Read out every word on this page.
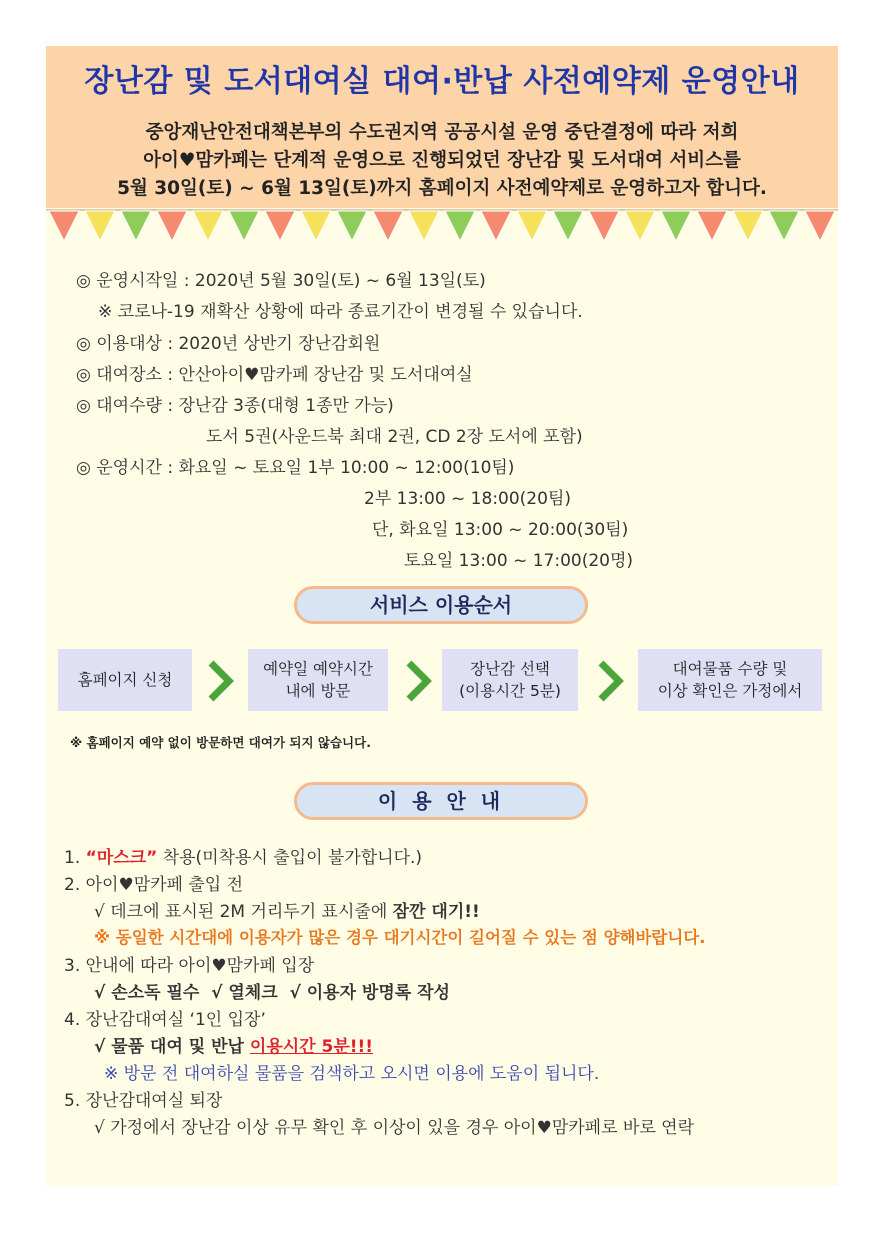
장난감 및 도서대여실 대여·반납 사전예약제 운영안내
중앙재난안전대책본부의 수도권지역 공공시설 운영 중단결정에 따라 저희
아이♥맘카페는 단계적 운영으로 진행되었던 장난감 및 도서대여 서비스를
5월 30일(토) ~ 6월 13일(토)까지 홈페이지 사전예약제로 운영하고자 합니다.
◎ 운영시작일 : 2020년 5월 30일(토) ~ 6월 13일(토)
※ 코로나-19 재확산 상황에 따라 종료기간이 변경될 수 있습니다.
◎ 이용대상 : 2020년 상반기 장난감회원
◎ 대여장소 : 안산아이♥맘카페 장난감 및 도서대여실
◎ 대여수량 : 장난감 3종(대형 1종만 가능)
도서 5권(사운드북 최대 2권, CD 2장 도서에 포함)
◎ 운영시간 : 화요일 ~ 토요일 1부 10:00 ~ 12:00(10팀)
2부 13:00 ~ 18:00(20팀)
단, 화요일 13:00 ~ 20:00(30팀)
토요일 13:00 ~ 17:00(20명)
서비스 이용순서
홈페이지 신청
예약일 예약시간
내에 방문
장난감 선택
(이용시간 5분)
대여물품 수량 및
이상 확인은 가정에서
※ 홈페이지 예약 없이 방문하면 대여가 되지 않습니다.
이 용 안 내
1. “마스크” 착용(미착용시 출입이 불가합니다.)
2. 아이♥맘카페 출입 전
√ 데크에 표시된 2M 거리두기 표시줄에 잠깐 대기!!
※ 동일한 시간대에 이용자가 많은 경우 대기시간이 길어질 수 있는 점 양해바랍니다.
3. 안내에 따라 아이♥맘카페 입장
√ 손소독 필수  √ 열체크  √ 이용자 방명록 작성
4. 장난감대여실 ‘1인 입장’
√ 물품 대여 및 반납 이용시간 5분!!!
※ 방문 전 대여하실 물품을 검색하고 오시면 이용에 도움이 됩니다.
5. 장난감대여실 퇴장
√ 가정에서 장난감 이상 유무 확인 후 이상이 있을 경우 아이♥맘카페로 바로 연락
